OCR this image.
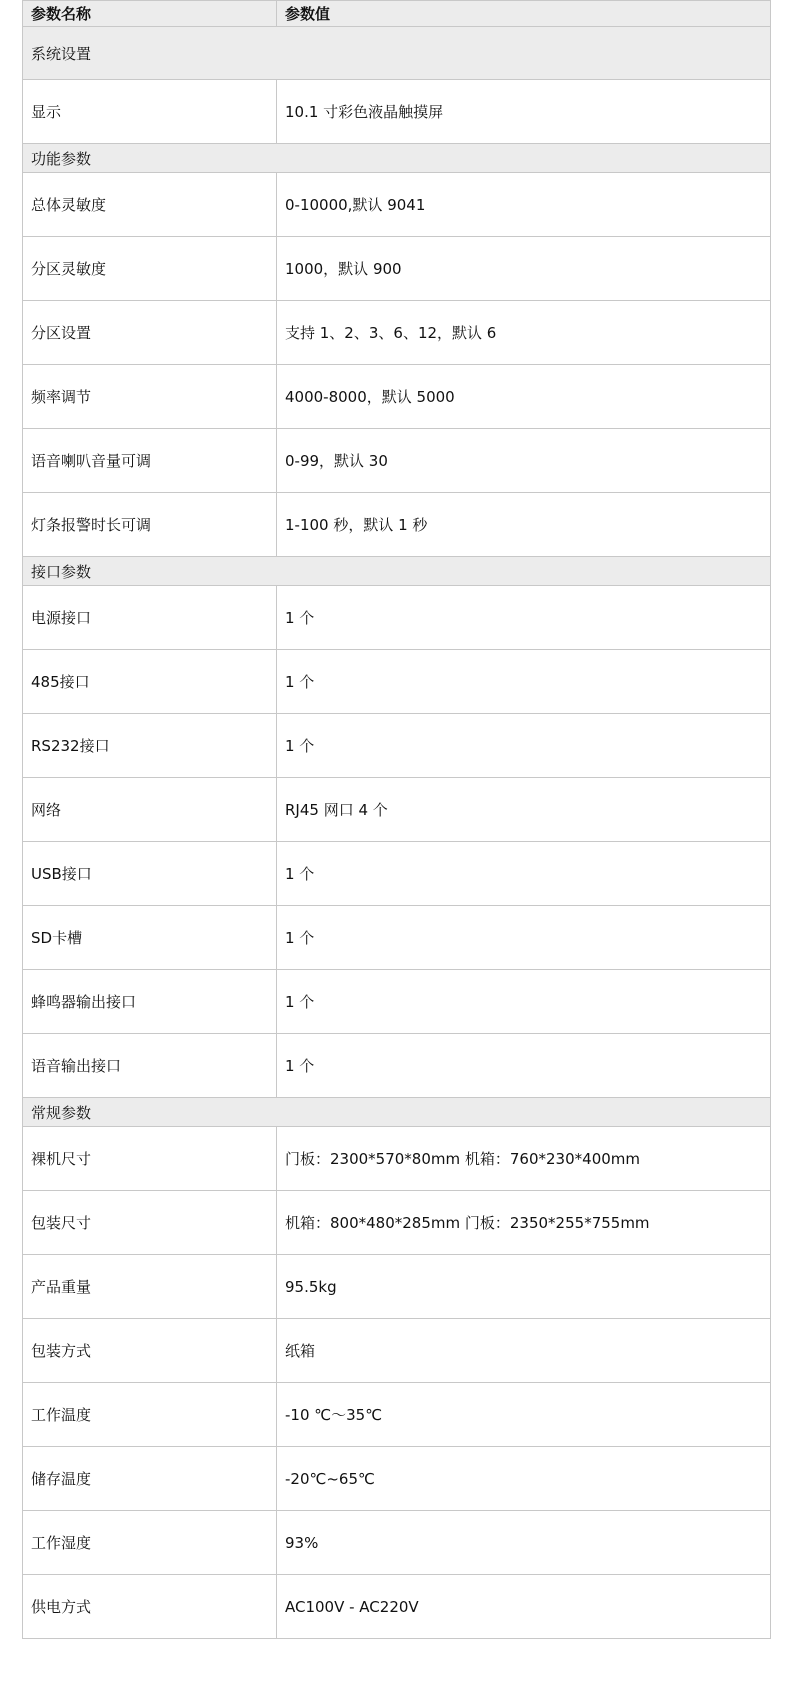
参数名称	参数值
系统设置	
显示	10.1 寸彩色液晶触摸屏
功能参数	
总体灵敏度	0-10000,默认 9041
分区灵敏度	1000，默认 900
分区设置	支持 1、2、3、6、12，默认 6
频率调节	4000-8000，默认 5000
语音喇叭音量可调	0-99，默认 30
灯条报警时长可调	1-100 秒，默认 1 秒
接口参数	
电源接口	1 个
485接口	1 个
RS232接口	1 个
网络	RJ45 网口 4 个
USB接口	1 个
SD卡槽	1 个
蜂鸣器输出接口	1 个
语音输出接口	1 个
常规参数	
裸机尺寸	门板：2300*570*80mm 机箱：760*230*400mm
包装尺寸	机箱：800*480*285mm 门板：2350*255*755mm
产品重量	95.5kg
包装方式	纸箱
工作温度	-10 ℃～35℃
储存温度	-20℃~65℃
工作湿度	93%
供电方式	AC100V - AC220V
